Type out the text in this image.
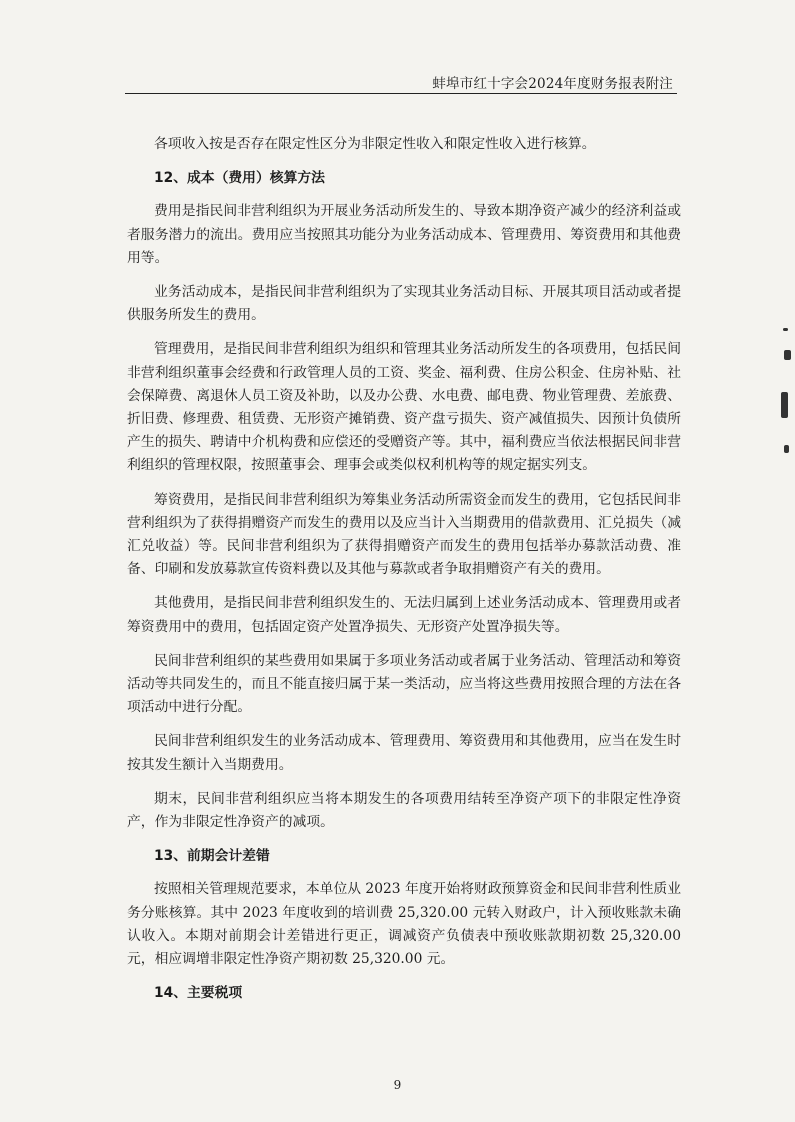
蚌埠市红十字会2024年度财务报表附注

各项收入按是否存在限定性区分为非限定性收入和限定性收入进行核算。

12、成本（费用）核算方法

费用是指民间非营利组织为开展业务活动所发生的、导致本期净资产减少的经济利益或者服务潜力的流出。费用应当按照其功能分为业务活动成本、管理费用、筹资费用和其他费用等。

业务活动成本，是指民间非营利组织为了实现其业务活动目标、开展其项目活动或者提供服务所发生的费用。

管理费用，是指民间非营利组织为组织和管理其业务活动所发生的各项费用，包括民间非营利组织董事会经费和行政管理人员的工资、奖金、福利费、住房公积金、住房补贴、社会保障费、离退休人员工资及补助，以及办公费、水电费、邮电费、物业管理费、差旅费、折旧费、修理费、租赁费、无形资产摊销费、资产盘亏损失、资产减值损失、因预计负债所产生的损失、聘请中介机构费和应偿还的受赠资产等。其中，福利费应当依法根据民间非营利组织的管理权限，按照董事会、理事会或类似权利机构等的规定据实列支。

筹资费用，是指民间非营利组织为筹集业务活动所需资金而发生的费用，它包括民间非营利组织为了获得捐赠资产而发生的费用以及应当计入当期费用的借款费用、汇兑损失（减汇兑收益）等。民间非营利组织为了获得捐赠资产而发生的费用包括举办募款活动费、准备、印刷和发放募款宣传资料费以及其他与募款或者争取捐赠资产有关的费用。

其他费用，是指民间非营利组织发生的、无法归属到上述业务活动成本、管理费用或者筹资费用中的费用，包括固定资产处置净损失、无形资产处置净损失等。

民间非营利组织的某些费用如果属于多项业务活动或者属于业务活动、管理活动和筹资活动等共同发生的，而且不能直接归属于某一类活动，应当将这些费用按照合理的方法在各项活动中进行分配。

民间非营利组织发生的业务活动成本、管理费用、筹资费用和其他费用，应当在发生时按其发生额计入当期费用。

期末，民间非营利组织应当将本期发生的各项费用结转至净资产项下的非限定性净资产，作为非限定性净资产的减项。

13、前期会计差错

按照相关管理规范要求，本单位从 2023 年度开始将财政预算资金和民间非营利性质业务分账核算。其中 2023 年度收到的培训费 25,320.00 元转入财政户，计入预收账款未确认收入。本期对前期会计差错进行更正，调减资产负债表中预收账款期初数 25,320.00 元，相应调增非限定性净资产期初数 25,320.00 元。

14、主要税项
9
